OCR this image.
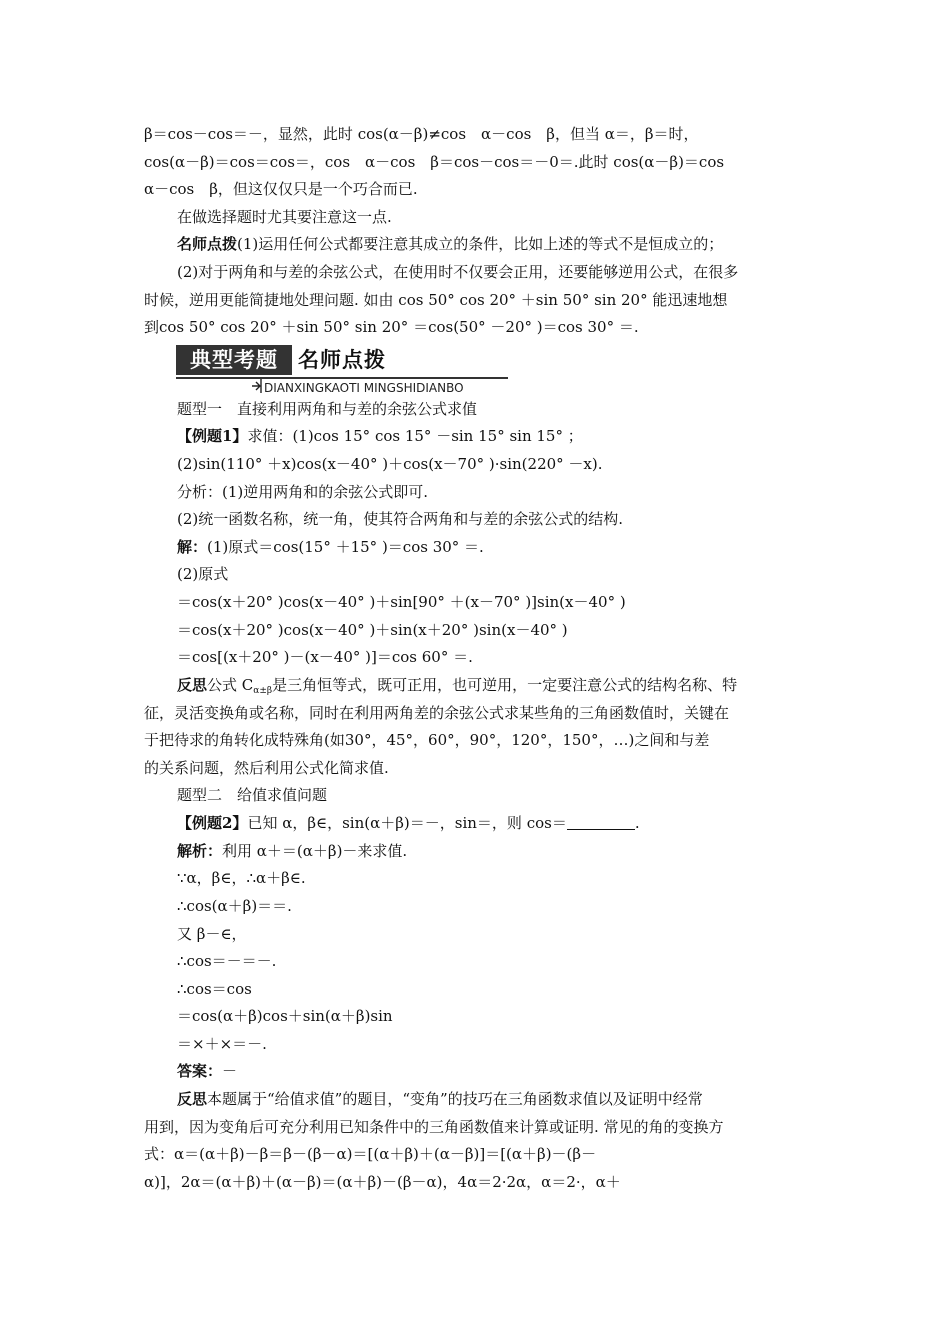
β＝cos－cos＝－，显然，此时 cos(α－β)≠cos　α－cos　β，但当 α＝，β＝时，
cos(α－β)＝cos＝cos＝，cos　α－cos　β＝cos－cos＝－0＝.此时 cos(α－β)＝cos
α－cos　β，但这仅仅只是一个巧合而已.
在做选择题时尤其要注意这一点.
名师点拨(1)运用任何公式都要注意其成立的条件，比如上述的等式不是恒成立的；
(2)对于两角和与差的余弦公式，在使用时不仅要会正用，还要能够逆用公式，在很多
时候，逆用更能简捷地处理问题. 如由 cos 50° cos 20° ＋sin 50° sin 20° 能迅速地想
到cos 50° cos 20° ＋sin 50° sin 20° ＝cos(50° －20° )＝cos 30° ＝.
典型考题 名师点拨
DIANXINGKAOTI MINGSHIDIANBO
题型一　直接利用两角和与差的余弦公式求值
【例题1】求值：(1)cos 15° cos 15° －sin 15° sin 15° ；
(2)sin(110° ＋x)cos(x－40° )＋cos(x－70° )·sin(220° －x).
分析：(1)逆用两角和的余弦公式即可.
(2)统一函数名称，统一角，使其符合两角和与差的余弦公式的结构.
解：(1)原式＝cos(15° ＋15° )＝cos 30° ＝.
(2)原式
＝cos(x＋20° )cos(x－40° )＋sin[90° ＋(x－70° )]sin(x－40° )
＝cos(x＋20° )cos(x－40° )＋sin(x＋20° )sin(x－40° )
＝cos[(x＋20° )－(x－40° )]＝cos 60° ＝.
反思公式 $C_{\alpha\pm\beta}$是三角恒等式，既可正用，也可逆用，一定要注意公式的结构名称、特
征，灵活变换角或名称，同时在利用两角差的余弦公式求某些角的三角函数值时，关键在
于把待求的角转化成特殊角(如30°，45°，60°，90°，120°，150°，…)之间和与差
的关系问题，然后利用公式化简求值.
题型二　给值求值问题
【例题2】已知 α，β∈，sin(α＋β)＝－，sin＝，则 cos＝	.
解析：利用 α＋＝(α＋β)－来求值.
∵α，β∈，∴α＋β∈.
∴cos(α＋β)＝＝.
又 β－∈，
∴cos＝－＝－.
∴cos＝cos
＝cos(α＋β)cos＋sin(α＋β)sin
＝×＋×＝－.
答案：－
反思本题属于“给值求值”的题目，“变角”的技巧在三角函数求值以及证明中经常
用到，因为变角后可充分利用已知条件中的三角函数值来计算或证明. 常见的角的变换方
式：α＝(α＋β)－β＝β－(β－α)＝[(α＋β)＋(α－β)]＝[(α＋β)－(β－
α)]，2α＝(α＋β)＋(α－β)＝(α＋β)－(β－α)，4α＝2·2α，α＝2·，α＋
